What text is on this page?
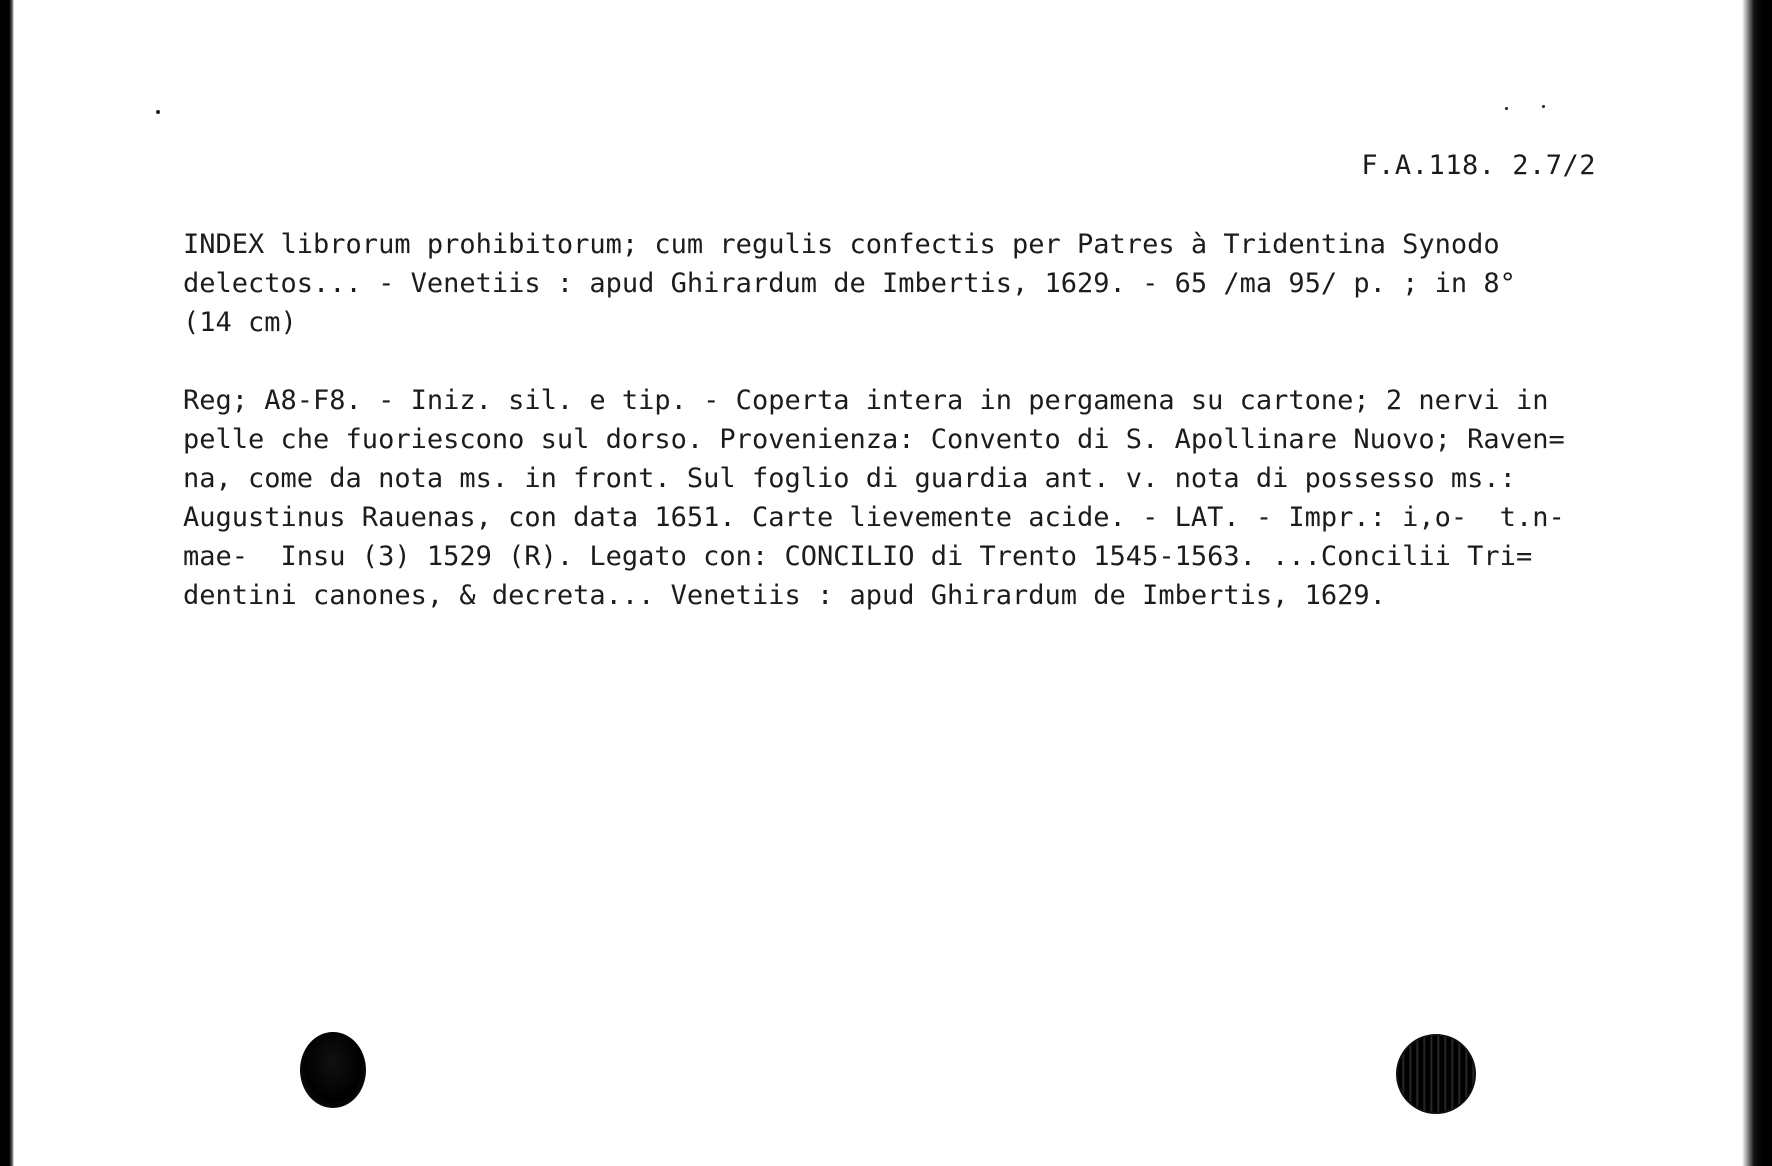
F.A.118. 2.7/2

INDEX librorum prohibitorum; cum regulis confectis per Patres à Tridentina Synodo
delectos... - Venetiis : apud Ghirardum de Imbertis, 1629. - 65 /ma 95/ p. ; in 8°
(14 cm)

Reg; A8-F8. - Iniz. sil. e tip. - Coperta intera in pergamena su cartone; 2 nervi in
pelle che fuoriescono sul dorso. Provenienza: Convento di S. Apollinare Nuovo; Raven=
na, come da nota ms. in front. Sul foglio di guardia ant. v. nota di possesso ms.:
Augustinus Rauenas, con data 1651. Carte lievemente acide. - LAT. - Impr.: i,o-  t.n-
mae-  Insu (3) 1529 (R). Legato con: CONCILIO di Trento 1545-1563. ...Concilii Tri=
dentini canones, & decreta... Venetiis : apud Ghirardum de Imbertis, 1629.
